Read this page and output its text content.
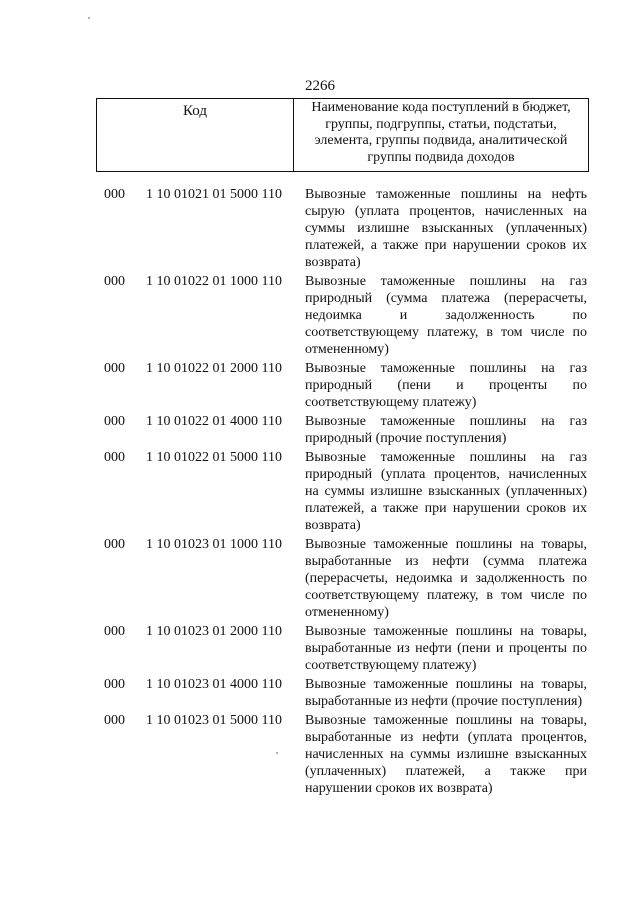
2266
Код	Наименование кода поступлений в бюджет, группы, подгруппы, статьи, подстатьи, элемента, группы подвида, аналитической группы подвида доходов
000 1 10 01021 01 5000 110 Вывозные таможенные пошлины на нефть сырую (уплата процентов, начисленных на суммы излишне взысканных (уплаченных) платежей, а также при нарушении сроков их возврата)
000 1 10 01022 01 1000 110 Вывозные таможенные пошлины на газ природный (сумма платежа (перерасчеты, недоимка и задолженность по соответствующему платежу, в том числе по отмененному)
000 1 10 01022 01 2000 110 Вывозные таможенные пошлины на газ природный (пени и проценты по соответствующему платежу)
000 1 10 01022 01 4000 110 Вывозные таможенные пошлины на газ природный (прочие поступления)
000 1 10 01022 01 5000 110 Вывозные таможенные пошлины на газ природный (уплата процентов, начисленных на суммы излишне взысканных (уплаченных) платежей, а также при нарушении сроков их возврата)
000 1 10 01023 01 1000 110 Вывозные таможенные пошлины на товары, выработанные из нефти (сумма платежа (перерасчеты, недоимка и задолженность по соответствующему платежу, в том числе по отмененному)
000 1 10 01023 01 2000 110 Вывозные таможенные пошлины на товары, выработанные из нефти (пени и проценты по соответствующему платежу)
000 1 10 01023 01 4000 110 Вывозные таможенные пошлины на товары, выработанные из нефти (прочие поступления)
000 1 10 01023 01 5000 110 Вывозные таможенные пошлины на товары, выработанные из нефти (уплата процентов, начисленных на суммы излишне взысканных (уплаченных) платежей, а также при нарушении сроков их возврата)
